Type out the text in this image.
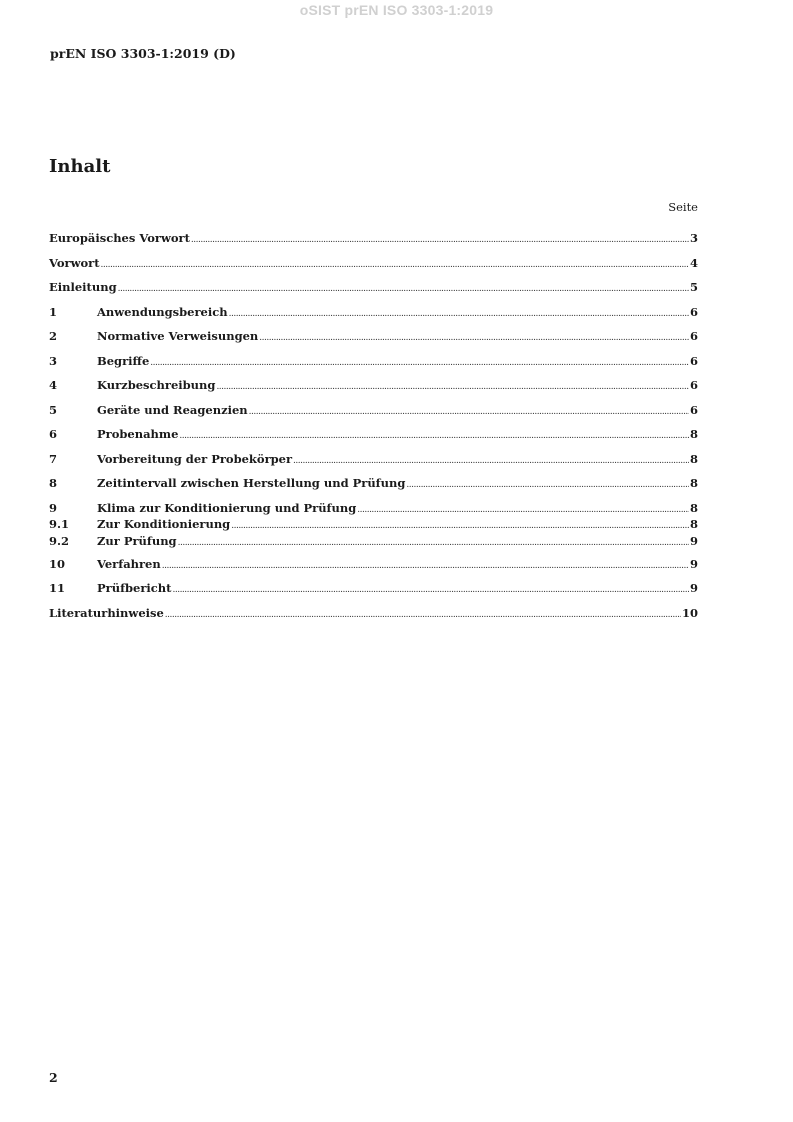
oSIST prEN ISO 3303-1:2019
prEN ISO 3303-1:2019 (D)
Inhalt
Seite
Europäisches Vorwort .....	3
Vorwort .....	4
Einleitung .....	5
1	Anwendungsbereich .....	6
2	Normative Verweisungen .....	6
3	Begriffe .....	6
4	Kurzbeschreibung .....	6
5	Geräte und Reagenzien .....	6
6	Probenahme .....	8
7	Vorbereitung der Probekörper .....	8
8	Zeitintervall zwischen Herstellung und Prüfung .....	8
9	Klima zur Konditionierung und Prüfung .....	8
9.1	Zur Konditionierung .....	8
9.2	Zur Prüfung .....	9
10	Verfahren .....	9
11	Prüfbericht .....	9
Literaturhinweise .....	10
2
